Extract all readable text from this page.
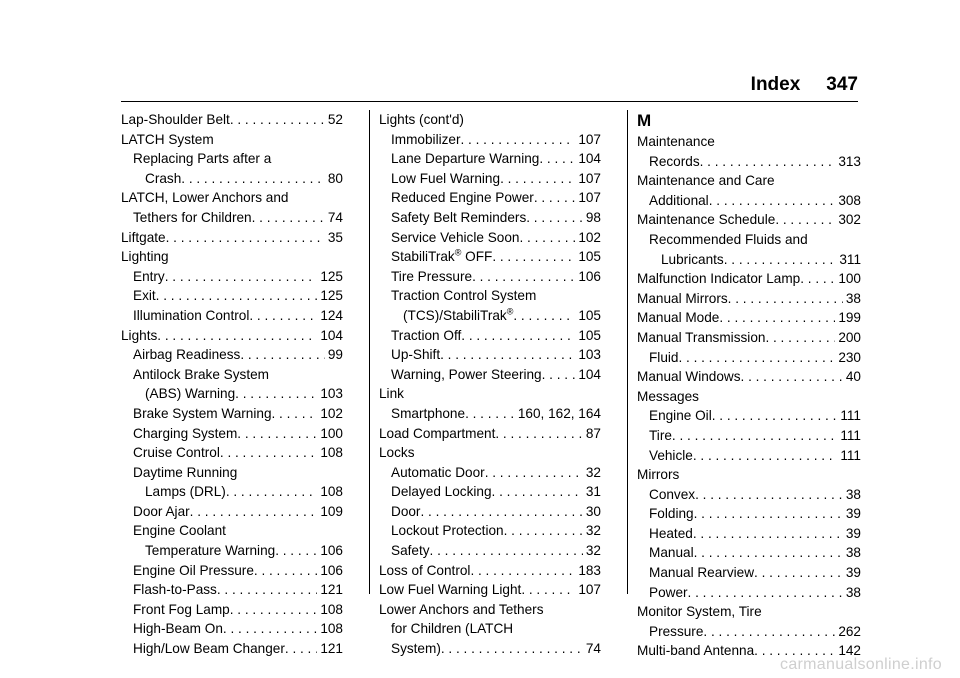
Index 347
Lap-Shoulder Belt . . .	52
LATCH System
Replacing Parts after a
Crash . . .	80
LATCH, Lower Anchors and
Tethers for Children . . .	74
Liftgate . . .	35
Lighting
Entry . . .	125
Exit . . .	125
Illumination Control . . .	124
Lights . . .	104
Airbag Readiness . . .	99
Antilock Brake System
(ABS) Warning . . .	103
Brake System Warning . . .	102
Charging System . . .	100
Cruise Control . . .	108
Daytime Running
Lamps (DRL) . . .	108
Door Ajar . . .	109
Engine Coolant
Temperature Warning . . .	106
Engine Oil Pressure . . .	106
Flash-to-Pass . . .	121
Front Fog Lamp . . .	108
High-Beam On . . .	108
High/Low Beam Changer . . .	121
Lights (cont'd)
Immobilizer . . .	107
Lane Departure Warning . . .	104
Low Fuel Warning . . .	107
Reduced Engine Power . . .	107
Safety Belt Reminders . . .	98
Service Vehicle Soon . . .	102
StabiliTrak® OFF . . .	105
Tire Pressure . . .	106
Traction Control System
(TCS)/StabiliTrak® . . .	105
Traction Off . . .	105
Up-Shift . . .	103
Warning, Power Steering . . .	104
Link
Smartphone . . .	160, 162, 164
Load Compartment . . .	87
Locks
Automatic Door . . .	32
Delayed Locking . . .	31
Door . . .	30
Lockout Protection . . .	32
Safety . . .	32
Loss of Control . . .	183
Low Fuel Warning Light . . .	107
Lower Anchors and Tethers
for Children (LATCH
System) . . .	74
M
Maintenance
Records . . .	313
Maintenance and Care
Additional . . .	308
Maintenance Schedule . . .	302
Recommended Fluids and
Lubricants . . .	311
Malfunction Indicator Lamp . . .	100
Manual Mirrors . . .	38
Manual Mode . . .	199
Manual Transmission . . .	200
Fluid . . .	230
Manual Windows . . .	40
Messages
Engine Oil . . .	111
Tire . . .	111
Vehicle . . .	111
Mirrors
Convex . . .	38
Folding . . .	39
Heated . . .	39
Manual . . .	38
Manual Rearview . . .	39
Power . . .	38
Monitor System, Tire
Pressure . . .	262
Multi-band Antenna . . .	142
carmanualsonline.info
